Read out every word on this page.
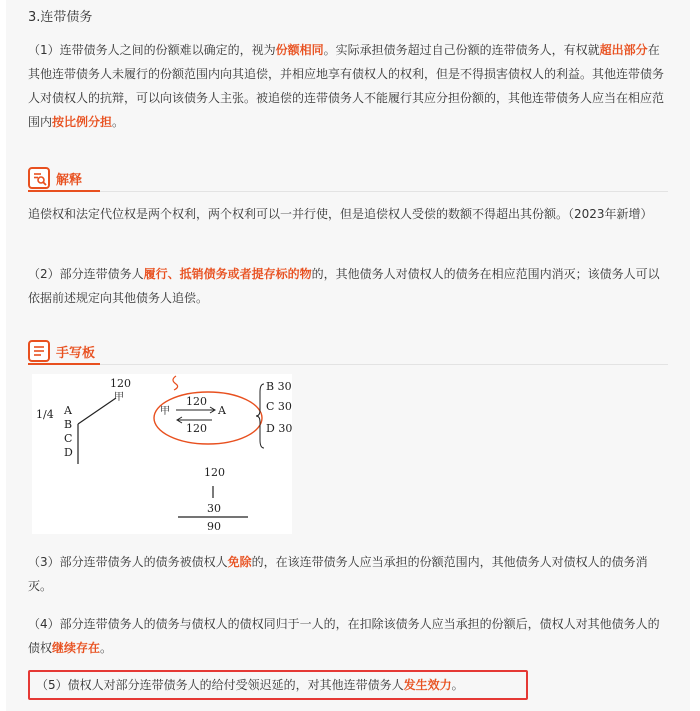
3.连带债务
（1）连带债务人之间的份额难以确定的，视为份额相同。实际承担债务超过自己份额的连带债务人，有权就超出部分在其他连带债务人未履行的份额范围内向其追偿，并相应地享有债权人的权利，但是不得损害债权人的利益。其他连带债务人对债权人的抗辩，可以向该债务人主张。被追偿的连带债务人不能履行其应分担份额的，其他连带债务人应当在相应范围内按比例分担。
解释
追偿权和法定代位权是两个权利，两个权利可以一并行使，但是追偿权人受偿的数额不得超出其份额。（2023年新增）
（2）部分连带债务人履行、抵销债务或者提存标的物的，其他债务人对债权人的债务在相应范围内消灭；该债务人可以依据前述规定向其他债务人追偿。
手写板
120
甲
1/4 A
B
C
D
甲
120
A
120
B 30
C 30
D 30
120
30
90
（3）部分连带债务人的债务被债权人免除的，在该连带债务人应当承担的份额范围内，其他债务人对债权人的债务消灭。
（4）部分连带债务人的债务与债权人的债权同归于一人的，在扣除该债务人应当承担的份额后，债权人对其他债务人的债权继续存在。
（5）债权人对部分连带债务人的给付受领迟延的，对其他连带债务人发生效力。
